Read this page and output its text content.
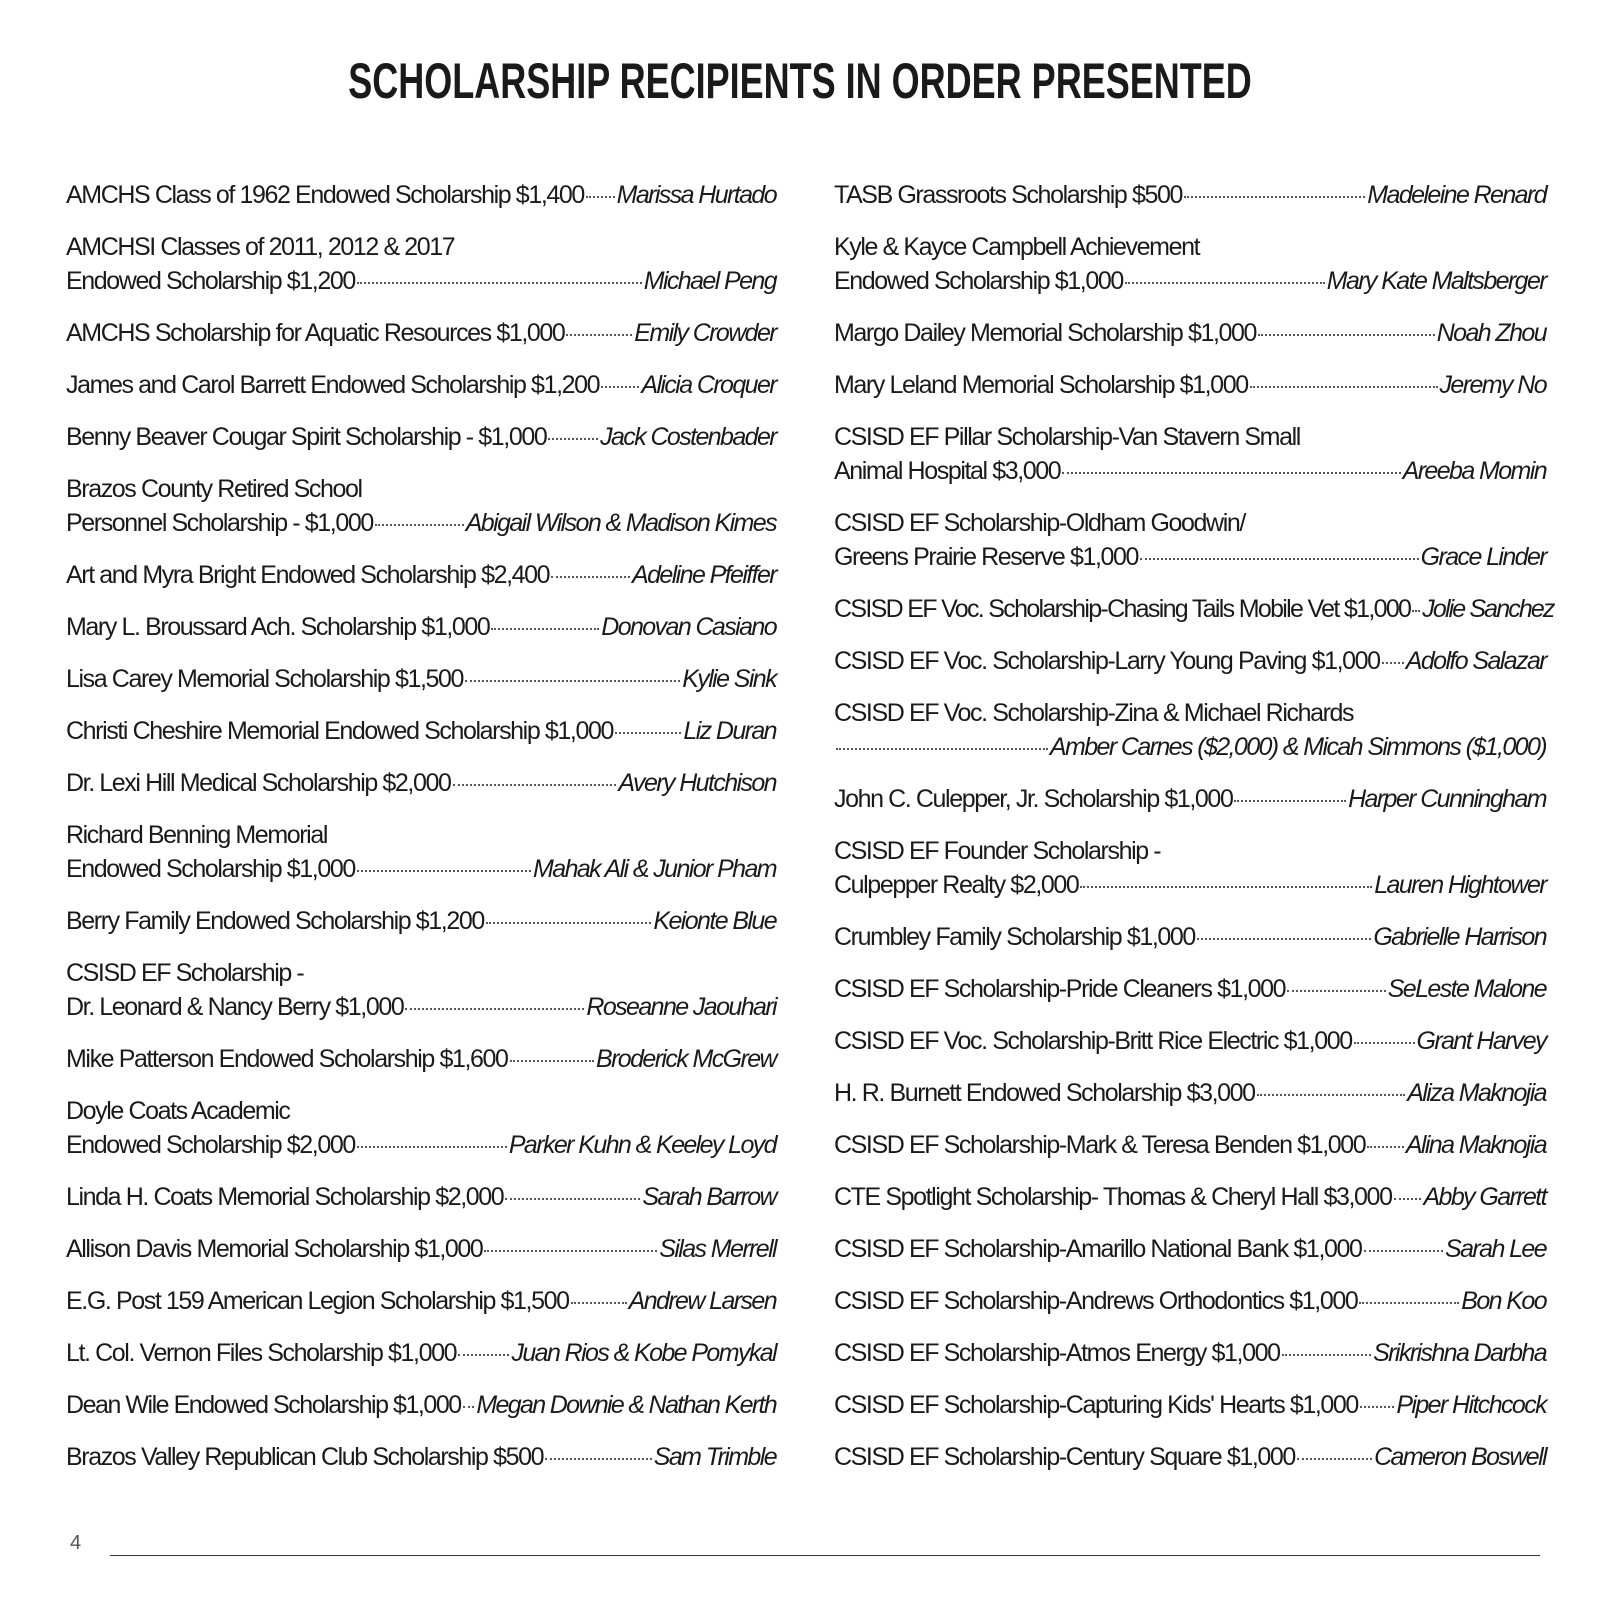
SCHOLARSHIP RECIPIENTS IN ORDER PRESENTED
AMCHS Class of 1962 Endowed Scholarship $1,400 Marissa Hurtado
AMCHSI Classes of 2011, 2012 & 2017
Endowed Scholarship $1,200	Michael Peng
AMCHS Scholarship for Aquatic Resources $1,000	Emily Crowder
James and Carol Barrett Endowed Scholarship $1,200 Alicia Croquer
Benny Beaver Cougar Spirit Scholarship - $1,000 Jack Costenbader
Brazos County Retired School
Personnel Scholarship - $1,000	Abigail Wilson & Madison Kimes
Art and Myra Bright Endowed Scholarship $2,400	Adeline Pfeiffer
Mary L. Broussard Ach. Scholarship $1,000	Donovan Casiano
Lisa Carey Memorial Scholarship $1,500	Kylie Sink
Christi Cheshire Memorial Endowed Scholarship $1,000	Liz Duran
Dr. Lexi Hill Medical Scholarship $2,000	Avery Hutchison
Richard Benning Memorial
Endowed Scholarship $1,000	Mahak Ali & Junior Pham
Berry Family Endowed Scholarship $1,200	Keionte Blue
CSISD EF Scholarship -
Dr. Leonard & Nancy Berry $1,000	Roseanne Jaouhari
Mike Patterson Endowed Scholarship $1,600	Broderick McGrew
Doyle Coats Academic
Endowed Scholarship $2,000	Parker Kuhn & Keeley Loyd
Linda H. Coats Memorial Scholarship $2,000	Sarah Barrow
Allison Davis Memorial Scholarship $1,000	Silas Merrell
E.G. Post 159 American Legion Scholarship $1,500 Andrew Larsen
Lt. Col. Vernon Files Scholarship $1,000 Juan Rios & Kobe Pomykal
Dean Wile Endowed Scholarship $1,000 Megan Downie & Nathan Kerth
Brazos Valley Republican Club Scholarship $500	Sam Trimble
TASB Grassroots Scholarship $500	Madeleine Renard
Kyle & Kayce Campbell Achievement
Endowed Scholarship $1,000	Mary Kate Maltsberger
Margo Dailey Memorial Scholarship $1,000	Noah Zhou
Mary Leland Memorial Scholarship $1,000	Jeremy No
CSISD EF Pillar Scholarship-Van Stavern Small
Animal Hospital $3,000	Areeba Momin
CSISD EF Scholarship-Oldham Goodwin/
Greens Prairie Reserve $1,000	Grace Linder
CSISD EF Voc. Scholarship-Chasing Tails Mobile Vet $1,000 Jolie Sanchez
CSISD EF Voc. Scholarship-Larry Young Paving $1,000 Adolfo Salazar
CSISD EF Voc. Scholarship-Zina & Michael Richards
Amber Carnes ($2,000) & Micah Simmons ($1,000)
John C. Culepper, Jr. Scholarship $1,000	Harper Cunningham
CSISD EF Founder Scholarship -
Culpepper Realty $2,000	Lauren Hightower
Crumbley Family Scholarship $1,000	Gabrielle Harrison
CSISD EF Scholarship-Pride Cleaners $1,000	SeLeste Malone
CSISD EF Voc. Scholarship-Britt Rice Electric $1,000	Grant Harvey
H. R. Burnett Endowed Scholarship $3,000	Aliza Maknojia
CSISD EF Scholarship-Mark & Teresa Benden $1,000 Alina Maknojia
CTE Spotlight Scholarship- Thomas & Cheryl Hall $3,000 Abby Garrett
CSISD EF Scholarship-Amarillo National Bank $1,000	Sarah Lee
CSISD EF Scholarship-Andrews Orthodontics $1,000	Bon Koo
CSISD EF Scholarship-Atmos Energy $1,000	Srikrishna Darbha
CSISD EF Scholarship-Capturing Kids' Hearts $1,000 Piper Hitchcock
CSISD EF Scholarship-Century Square $1,000	Cameron Boswell
4
